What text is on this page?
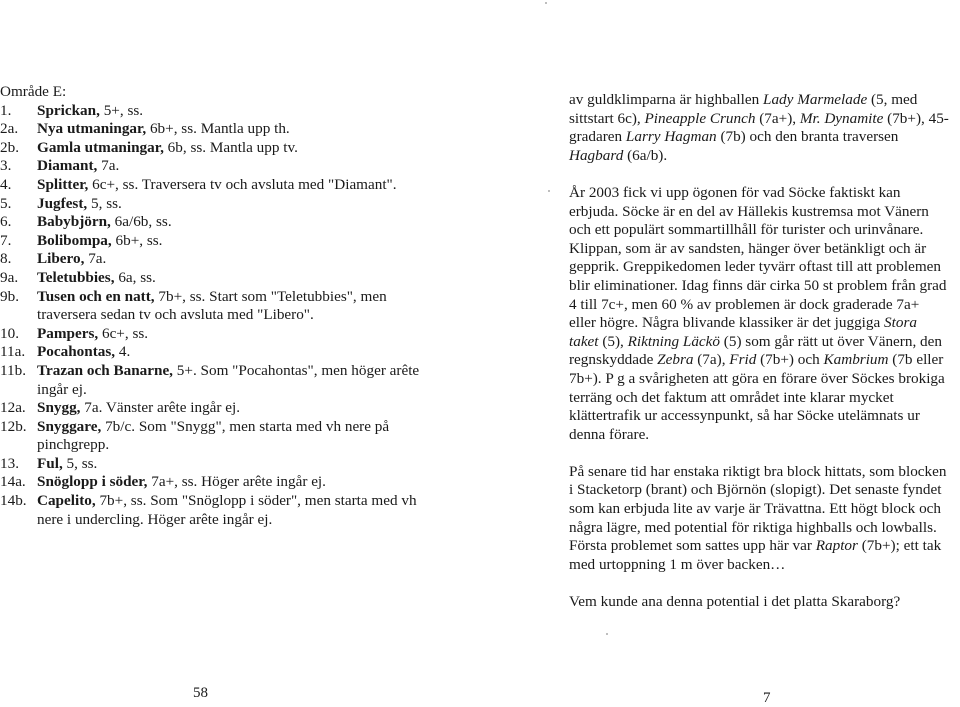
Område E:
1.	Sprickan, 5+, ss.
2a.	Nya utmaningar, 6b+, ss. Mantla upp th.
2b.	Gamla utmaningar, 6b, ss. Mantla upp tv.
3.	Diamant, 7a.
4.	Splitter, 6c+, ss. Traversera tv och avsluta med "Diamant".
5.	Jugfest, 5, ss.
6.	Babybjörn, 6a/6b, ss.
7.	Bolibompa, 6b+, ss.
8.	Libero, 7a.
9a.	Teletubbies, 6a, ss.
9b.	Tusen och en natt, 7b+, ss. Start som "Teletubbies", men traversera sedan tv och avsluta med "Libero".
10.	Pampers, 6c+, ss.
11a. Pocahontas, 4.
11b. Trazan och Banarne, 5+. Som "Pocahontas", men höger arête ingår ej.
12a. Snygg, 7a. Vänster arête ingår ej.
12b. Snyggare, 7b/c. Som "Snygg", men starta med vh nere på pinchgrepp.
13.	Ful, 5, ss.
14a. Snöglopp i söder, 7a+, ss. Höger arête ingår ej.
14b. Capelito, 7b+, ss. Som "Snöglopp i söder", men starta med vh nere i undercling. Höger arête ingår ej.

av guldklimparna är highballen Lady Marmelade (5, med sittstart 6c), Pineapple Crunch (7a+), Mr. Dynamite (7b+), 45-gradaren Larry Hagman (7b) och den branta traversen Hagbard (6a/b).

År 2003 fick vi upp ögonen för vad Söcke faktiskt kan erbjuda. Söcke är en del av Hällekis kustremsa mot Vänern och ett populärt sommartillhåll för turister och urinvånare. Klippan, som är av sandsten, hänger över betänkligt och är gepprik. Greppikedomen leder tyvärr oftast till att problemen blir eliminationer. Idag finns där cirka 50 st problem från grad 4 till 7c+, men 60 % av problemen är dock graderade 7a+ eller högre. Några blivande klassiker är det juggiga Stora taket (5), Riktning Läckö (5) som går rätt ut över Vänern, den regnskyddade Zebra (7a), Frid (7b+) och Kambrium (7b eller 7b+). P g a svårigheten att göra en förare över Söckes brokiga terräng och det faktum att området inte klarar mycket klättertrafik ur accessynpunkt, så har Söcke utelämnats ur denna förare.

På senare tid har enstaka riktigt bra block hittats, som blocken i Stacketorp (brant) och Björnön (slopigt). Det senaste fyndet som kan erbjuda lite av varje är Trävattna. Ett högt block och några lägre, med potential för riktiga highballs och lowballs. Första problemet som sattes upp här var Raptor (7b+); ett tak med urtoppning 1 m över backen…

Vem kunde ana denna potential i det platta Skaraborg?

58	7
